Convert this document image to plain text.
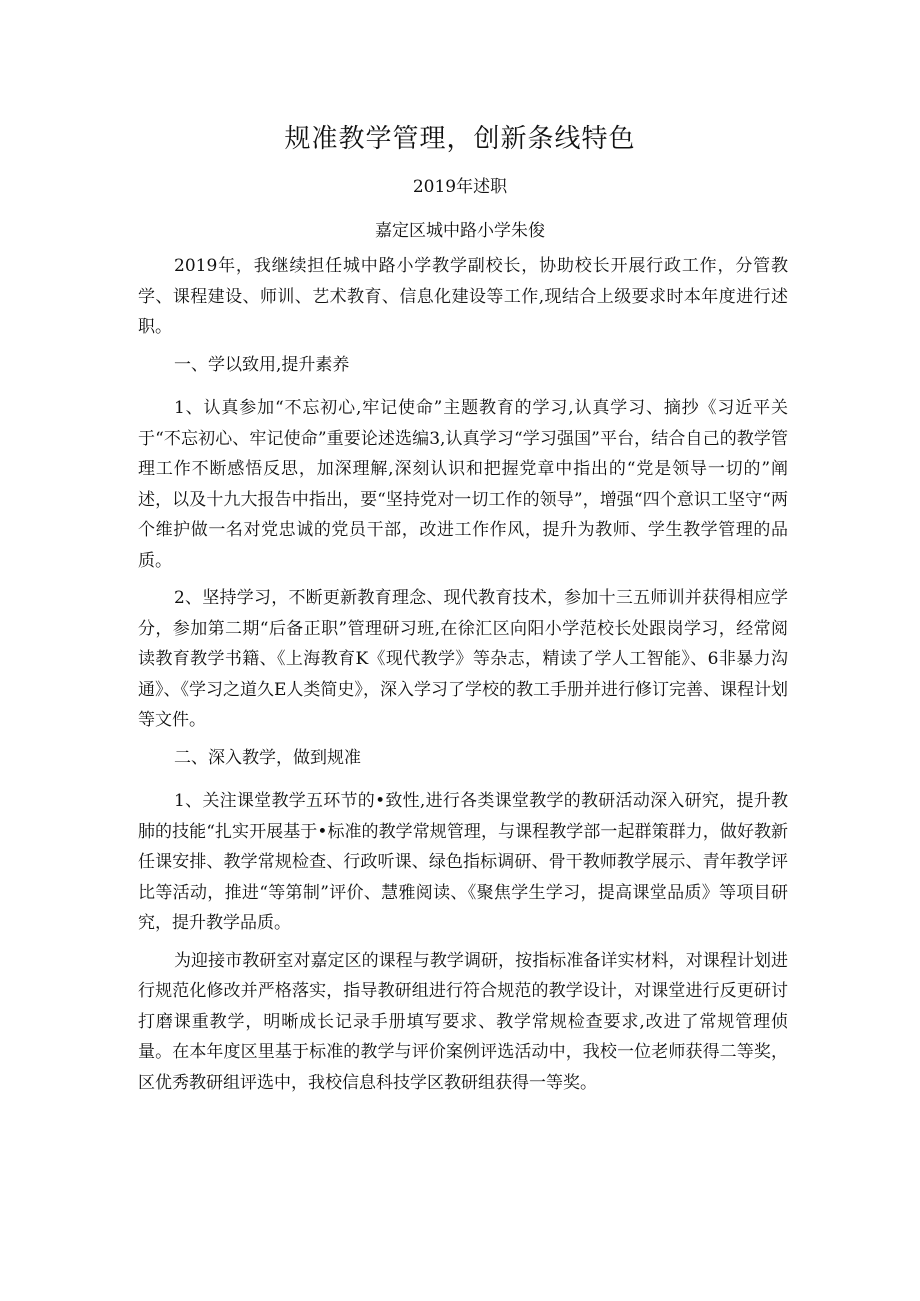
规准教学管理，创新条线特色
2019年述职
嘉定区城中路小学朱俊

2019年，我继续担任城中路小学教学副校长，协助校长开展行政工作，分管教学、课程建设、师训、艺术教育、信息化建设等工作,现结合上级要求时本年度进行述职。

一、学以致用,提升素养

1、认真参加“不忘初心,牢记使命”主题教育的学习,认真学习、摘抄《习近平关于“不忘初心、牢记使命”重要论述选编3,认真学习“学习强国”平台，结合自己的教学管理工作不断感悟反思，加深理解,深刻认识和把握党章中指出的“党是领导一切的”阐述，以及十九大报告中指出，要“坚持党对一切工作的领导”，增强“四个意识工坚守“两个维护做一名对党忠诚的党员干部，改进工作作风，提升为教师、学生教学管理的品质。

2、坚持学习，不断更新教育理念、现代教育技术，参加十三五师训并获得相应学分，参加第二期“后备正职”管理研习班,在徐汇区向阳小学范校长处跟岗学习，经常阅读教育教学书籍、《上海教育K《现代教学》等杂志，精读了学人工智能》、6非暴力沟通》、《学习之道久E人类简史》，深入学习了学校的教工手册并进行修订完善、课程计划等文件。

二、深入教学，做到规准

1、关注课堂教学五环节的•致性,进行各类课堂教学的教研活动深入研究，提升教肺的技能“扎实开展基于•标准的教学常规管理，与课程教学部一起群策群力，做好教新任课安排、教学常规检查、行政听课、绿色指标调研、骨干教师教学展示、青年教学评比等活动，推进“等第制”评价、慧雅阅读、《聚焦学生学习，提高课堂品质》等项目研究，提升教学品质。

为迎接市教研室对嘉定区的课程与教学调研，按指标准备详实材料，对课程计划进行规范化修改并严格落实，指导教研组进行符合规范的教学设计，对课堂进行反更研讨打磨课重教学，明晰成长记录手册填写要求、教学常规检查要求,改进了常规管理侦量。在本年度区里基于标准的教学与评价案例评选活动中，我校一位老师获得二等奖，区优秀教研组评选中，我校信息科技学区教研组获得一等奖。
